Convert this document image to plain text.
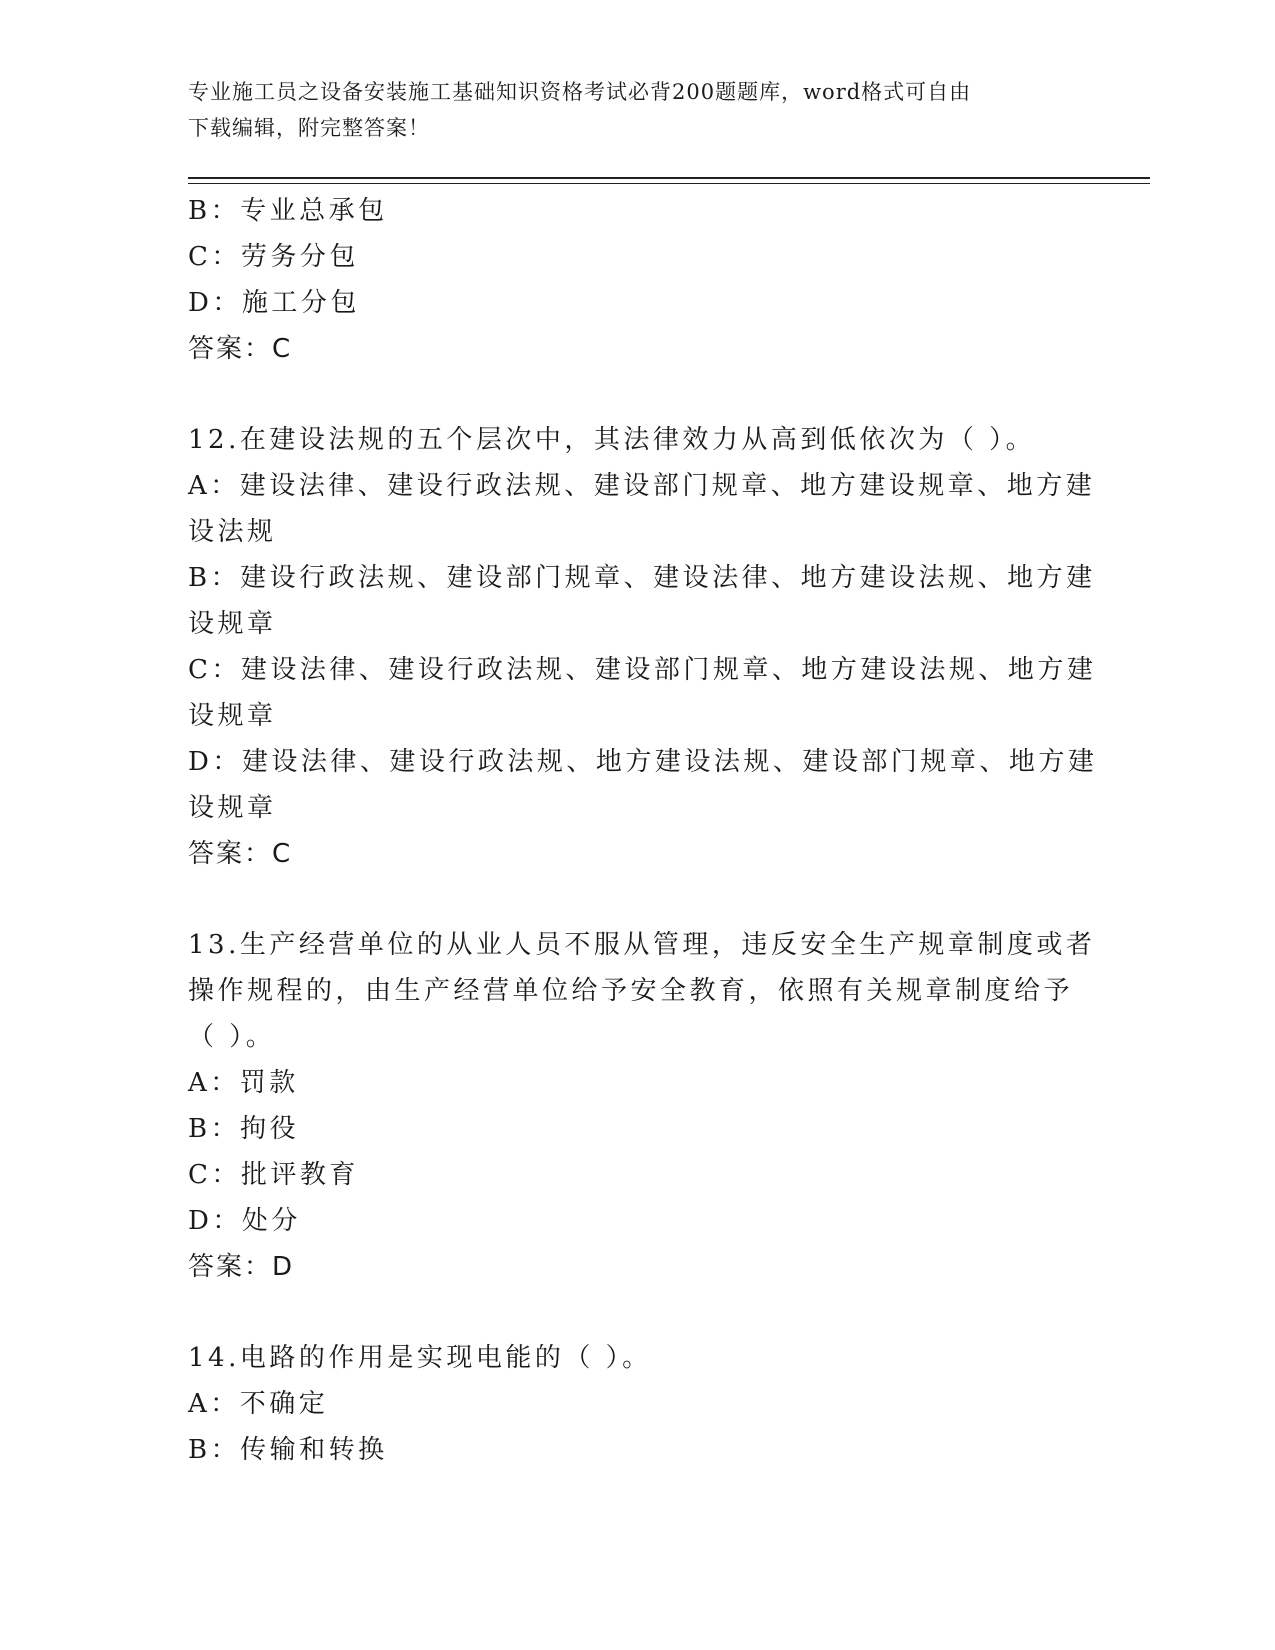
专业施工员之设备安装施工基础知识资格考试必背200题题库，word格式可自由
下载编辑，附完整答案！
B：专业总承包
C：劳务分包
D：施工分包
答案：C
12.在建设法规的五个层次中，其法律效力从高到低依次为（ ）。
A：建设法律、建设行政法规、建设部门规章、地方建设规章、地方建
设法规
B：建设行政法规、建设部门规章、建设法律、地方建设法规、地方建
设规章
C：建设法律、建设行政法规、建设部门规章、地方建设法规、地方建
设规章
D：建设法律、建设行政法规、地方建设法规、建设部门规章、地方建
设规章
答案：C
13.生产经营单位的从业人员不服从管理，违反安全生产规章制度或者
操作规程的，由生产经营单位给予安全教育，依照有关规章制度给予
（ ）。
A：罚款
B：拘役
C：批评教育
D：处分
答案：D
14.电路的作用是实现电能的（ ）。
A：不确定
B：传输和转换
